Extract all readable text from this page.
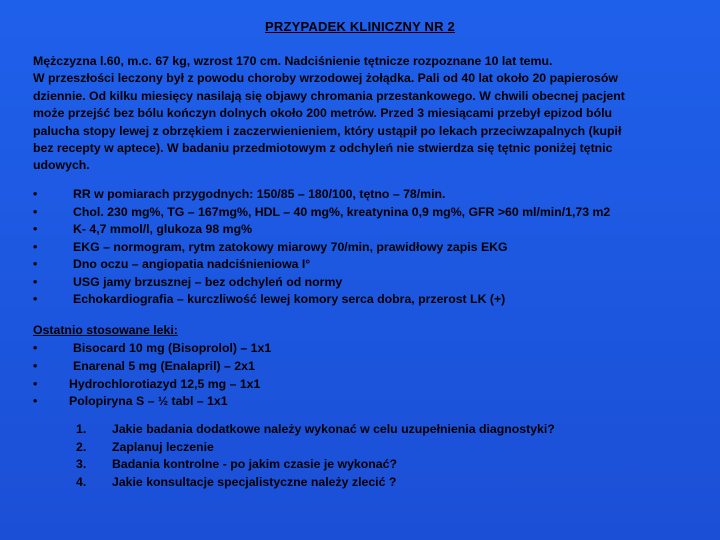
PRZYPADEK KLINICZNY NR 2

Mężczyzna l.60, m.c. 67 kg, wzrost 170 cm. Nadciśnienie tętnicze rozpoznane 10 lat temu.

W przeszłości leczony był z powodu choroby wrzodowej żołądka. Palі od 40 lat około 20 papierosów

dziennie. Od kilku miesięcy nasilają się objawy chromania przestankowego. W chwili obecnej pacjent

może przejść bez bólu kończyn dolnych około 200 metrów. Przed 3 miesiącami przebył epizod bólu

palucha stopy lewej z obrzękiem i zaczerwienieniem, który ustąpił po lekach przeciwzapalnych (kupił

bez recepty w aptece). W badaniu przedmiotowym z odchyleń nie stwierdza się tętnic poniżej tętnic

udowych.

•	RR w pomiarach przygodnych: 150/85 – 180/100, tętno – 78/min.
•	Chol. 230 mg%, TG – 167mg%, HDL – 40 mg%, kreatynina 0,9 mg%, GFR >60 ml/min/1,73 m2
•	K- 4,7 mmol/l, glukoza 98 mg%
•	EKG – normogram, rytm zatokowy miarowy 70/min, prawidłowy zapis EKG
•	Dno oczu – angiopatia nadciśnieniowa I°
•	USG jamy brzusznej – bez odchyleń od normy
•	Echokardiografia – kurczliwość lewej komory serca dobra, przerost LK (+)
Ostatnio stosowane leki:
•	Bisocard 10 mg (Bisoprolol) – 1x1
•	Enarenal 5 mg (Enalapril) – 2x1
•	Hydrochlorotiazyd 12,5 mg – 1x1
•	Polopiryna S – ½ tabl – 1x1
1. Jakie badania dodatkowe należy wykonać w celu uzupełnienia diagnostyki?
2. Zaplanuj leczenie
3. Badania kontrolne - po jakim czasie je wykonać?
4. Jakie konsultacje specjalistyczne należy zlecić ?
